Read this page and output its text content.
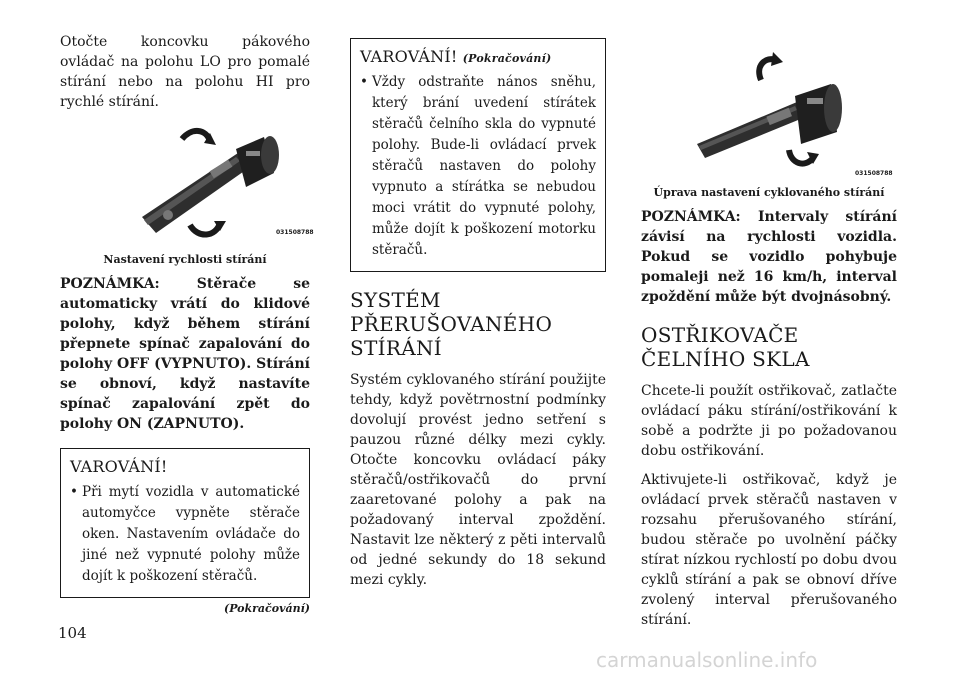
Otočte koncovku pákového ovládač na polohu LO pro pomalé stírání nebo na polohu HI pro rychlé stírání.

031508788
Nastavení rychlosti stírání

POZNÁMKA: Stěrače se automaticky vrátí do klidové polohy, když během stírání přepnete spínač zapalování do polohy OFF (VYPNUTO). Stírání se obnoví, když nastavíte spínač zapalování zpět do polohy ON (ZAPNUTO).

VAROVÁNÍ!
• Při mytí vozidla v automatické automyčce vypněte stěrače oken. Nastavením ovládače do jiné než vypnuté polohy může dojít k poškození stěračů.
(Pokračování)
VAROVÁNÍ! (Pokračování)
• Vždy odstraňte nános sněhu, který brání uvedení stírátek stěračů čelního skla do vypnuté polohy. Bude-li ovládací prvek stěračů nastaven do polohy vypnuto a stírátka se nebudou moci vrátit do vypnuté polohy, může dojít k poškození motorku stěračů.
SYSTÉM PŘERUŠOVANÉHO STÍRÁNÍ

Systém cyklovaného stírání použijte tehdy, když povětrnostní podmínky dovolují provést jedno setření s pauzou různé délky mezi cykly. Otočte koncovku ovládací páky stěračů/ostřikovačů do první zaaretované polohy a pak na požadovaný interval zpoždění. Nastavit lze některý z pěti intervalů od jedné sekundy do 18 sekund mezi cykly.

031508788
Úprava nastavení cyklovaného stírání

POZNÁMKA: Intervaly stírání závisí na rychlosti vozidla. Pokud se vozidlo pohybuje pomaleji než 16 km/h, interval zpoždění může být dvojnásobný.

OSTŘIKOVAČE ČELNÍHO SKLA

Chcete-li použít ostřikovač, zatlačte ovládací páku stírání/ostřikování k sobě a podržte ji po požadovanou dobu ostřikování.

Aktivujete-li ostřikovač, když je ovládací prvek stěračů nastaven v rozsahu přerušovaného stírání, budou stěrače po uvolnění páčky stírat nízkou rychlostí po dobu dvou cyklů stírání a pak se obnoví dříve zvolený interval přerušovaného stírání.

104
carmanualsonline.info
